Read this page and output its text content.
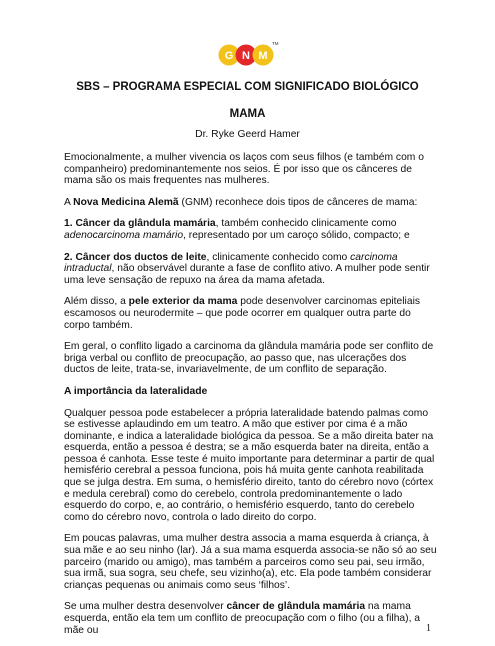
G N M
TM
SBS – PROGRAMA ESPECIAL COM SIGNIFICADO BIOLÓGICO
MAMA

Dr. Ryke Geerd Hamer

Emocionalmente, a mulher vivencia os laços com seus filhos (e também com o companheiro) predominantemente nos seios. É por isso que os cânceres de mama são os mais frequentes nas mulheres.

A Nova Medicina Alemã (GNM) reconhece dois tipos de cânceres de mama:

1. Câncer da glândula mamária, também conhecido clinicamente como adenocarcinoma mamário, representado por um caroço sólido, compacto; e

2. Câncer dos ductos de leite, clinicamente conhecido como carcinoma intraductal, não observável durante a fase de conflito ativo. A mulher pode sentir uma leve sensação de repuxo na área da mama afetada.

Além disso, a pele exterior da mama pode desenvolver carcinomas epiteliais escamosos ou neurodermite – que pode ocorrer em qualquer outra parte do corpo também.

Em geral, o conflito ligado a carcinoma da glândula mamária pode ser conflito de briga verbal ou conflito de preocupação, ao passo que, nas ulcerações dos ductos de leite, trata-se, invariavelmente, de um conflito de separação.

A importância da lateralidade

Qualquer pessoa pode estabelecer a própria lateralidade batendo palmas como se estivesse aplaudindo em um teatro. A mão que estiver por cima é a mão dominante, e indica a lateralidade biológica da pessoa. Se a mão direita bater na esquerda, então a pessoa é destra; se a mão esquerda bater na direita, então a pessoa é canhota. Esse teste é muito importante para determinar a partir de qual hemisfério cerebral a pessoa funciona, pois há muita gente canhota reabilitada que se julga destra. Em suma, o hemisfério direito, tanto do cérebro novo (córtex e medula cerebral) como do cerebelo, controla predominantemente o lado esquerdo do corpo, e, ao contrário, o hemisfério esquerdo, tanto do cerebelo como do cérebro novo, controla o lado direito do corpo.

Em poucas palavras, uma mulher destra associa a mama esquerda à criança, à sua mãe e ao seu ninho (lar). Já a sua mama esquerda associa-se não só ao seu parceiro (marido ou amigo), mas também a parceiros como seu pai, seu irmão, sua irmã, sua sogra, seu chefe, seu vizinho(a), etc. Ela pode também considerar crianças pequenas ou animais como seus ‘filhos’.

Se uma mulher destra desenvolver câncer de glândula mamária na mama esquerda, então ela tem um conflito de preocupação com o filho (ou a filha), a mãe ou	1
